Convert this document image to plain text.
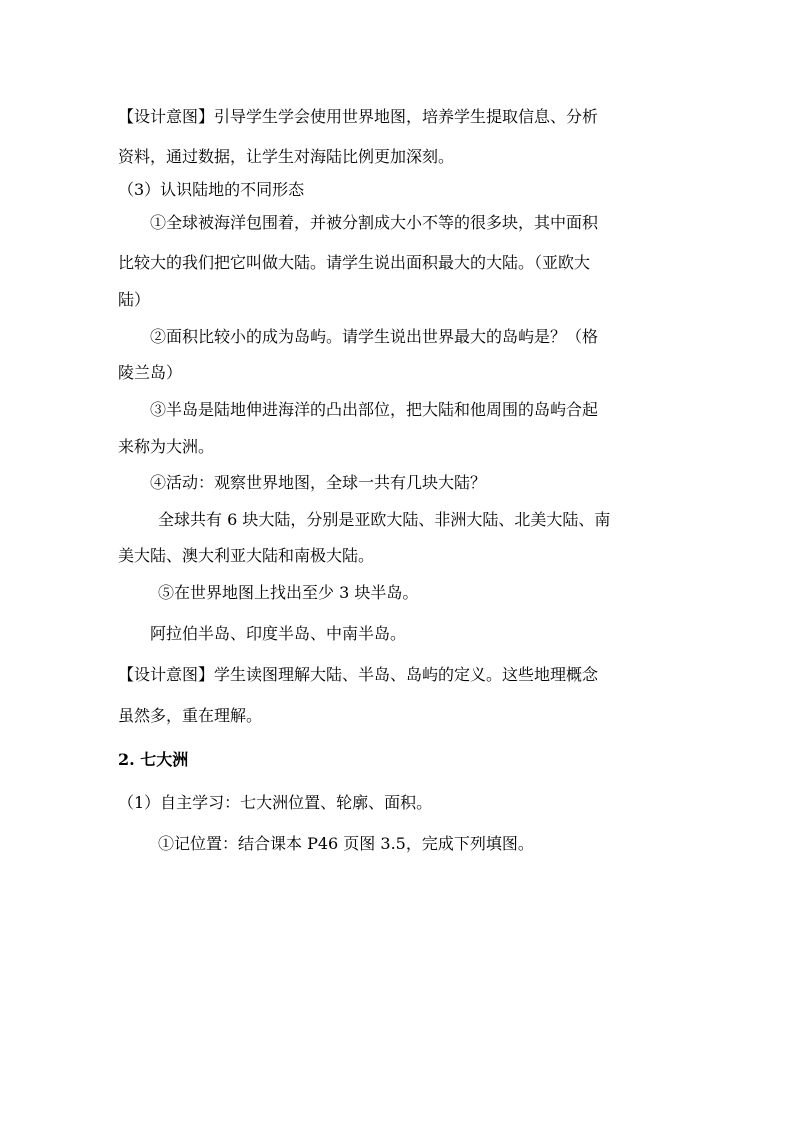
【设计意图】引导学生学会使用世界地图，培养学生提取信息、分析
资料，通过数据，让学生对海陆比例更加深刻。
（3）认识陆地的不同形态
①全球被海洋包围着，并被分割成大小不等的很多块，其中面积
比较大的我们把它叫做大陆。请学生说出面积最大的大陆。（亚欧大
陆）
②面积比较小的成为岛屿。请学生说出世界最大的岛屿是？（格
陵兰岛）
③半岛是陆地伸进海洋的凸出部位，把大陆和他周围的岛屿合起
来称为大洲。
④活动：观察世界地图，全球一共有几块大陆？
全球共有 6 块大陆，分别是亚欧大陆、非洲大陆、北美大陆、南
美大陆、澳大利亚大陆和南极大陆。
⑤在世界地图上找出至少 3 块半岛。
阿拉伯半岛、印度半岛、中南半岛。
【设计意图】学生读图理解大陆、半岛、岛屿的定义。这些地理概念
虽然多，重在理解。
2. 七大洲
（1）自主学习：七大洲位置、轮廓、面积。
①记位置：结合课本 P46 页图 3.5，完成下列填图。
